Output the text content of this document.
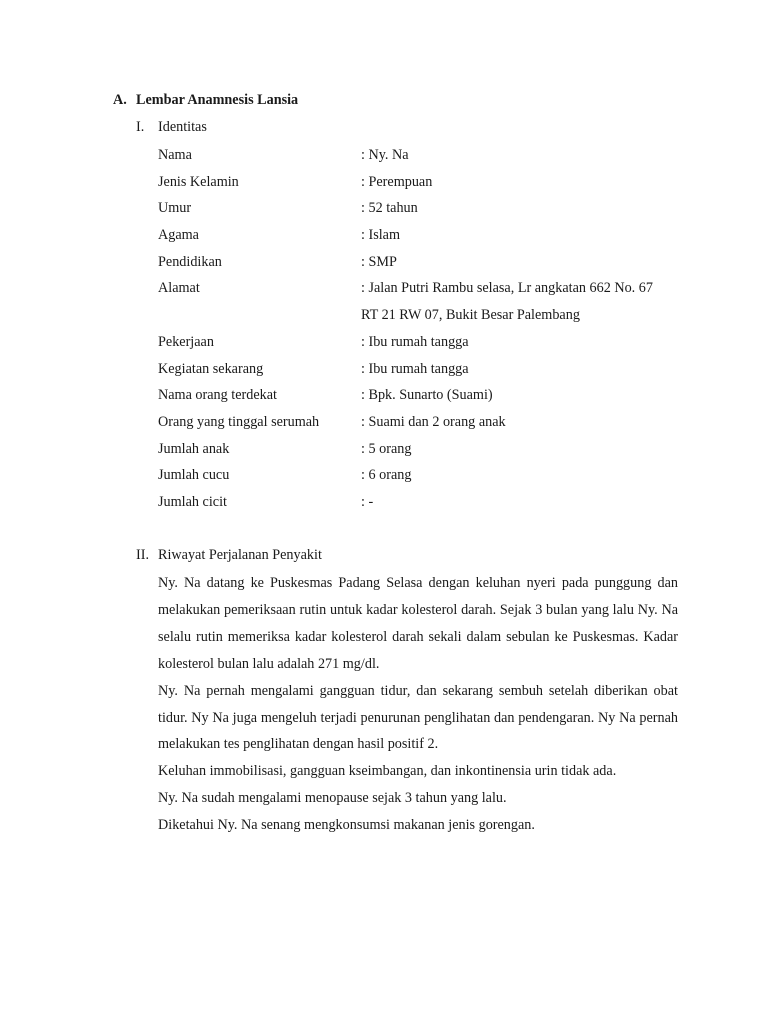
A. Lembar Anamnesis Lansia
I. Identitas
Nama	: Ny. Na
Jenis Kelamin	: Perempuan
Umur	: 52 tahun
Agama	: Islam
Pendidikan	: SMP
Alamat	: Jalan Putri Rambu selasa, Lr angkatan 662 No. 67
RT 21 RW 07, Bukit Besar Palembang
Pekerjaan	: Ibu rumah tangga
Kegiatan sekarang	: Ibu rumah tangga
Nama orang terdekat	: Bpk. Sunarto (Suami)
Orang yang tinggal serumah	: Suami dan 2 orang anak
Jumlah anak	: 5 orang
Jumlah cucu	: 6 orang
Jumlah cicit	: -
II. Riwayat Perjalanan Penyakit

Ny. Na datang ke Puskesmas Padang Selasa dengan keluhan nyeri pada punggung dan melakukan pemeriksaan rutin untuk kadar kolesterol darah. Sejak 3 bulan yang lalu Ny. Na selalu rutin memeriksa kadar kolesterol darah sekali dalam sebulan ke Puskesmas. Kadar kolesterol bulan lalu adalah 271 mg/dl.

Ny. Na pernah mengalami gangguan tidur, dan sekarang sembuh setelah diberikan obat tidur. Ny Na juga mengeluh terjadi penurunan penglihatan dan pendengaran. Ny Na pernah melakukan tes penglihatan dengan hasil positif 2.

Keluhan immobilisasi, gangguan kseimbangan, dan inkontinensia urin tidak ada.

Ny. Na sudah mengalami menopause sejak 3 tahun yang lalu.

Diketahui Ny. Na senang mengkonsumsi makanan jenis gorengan.
